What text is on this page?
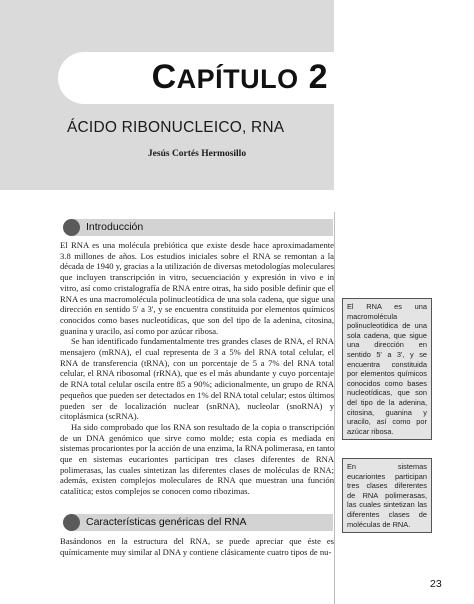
CAPÍTULO 2
ÁCIDO RIBONUCLEICO, RNA
Jesús Cortés Hermosillo
Introducción

El RNA es una molécula prebiótica que existe desde hace aproximadamente 3.8 millones de años. Los estudios iniciales sobre el RNA se remontan a la década de 1940 y, gracias a la utilización de diversas metodologías moleculares que incluyen transcripción in vitro, secuenciación y expresión in vivo e in vitro, así como cristalografía de RNA entre otras, ha sido posible definir que el RNA es una macromolécula polinucleotídica de una sola cadena, que sigue una dirección en sentido 5' a 3', y se encuentra constituida por elementos químicos conocidos como bases nucleotídicas, que son del tipo de la adenina, citosina, guanina y uracilo, así como por azúcar ribosa.

Se han identificado fundamentalmente tres grandes clases de RNA, el RNA mensajero (mRNA), el cual representa de 3 a 5% del RNA total celular, el RNA de transferencia (tRNA), con un porcentaje de 5 a 7% del RNA total celular, el RNA ribosomal (rRNA), que es el más abundante y cuyo porcentaje de RNA total celular oscila entre 85 a 90%; adicionalmente, un grupo de RNA pequeños que pueden ser detectados en 1% del RNA total celular; estos últimos pueden ser de localización nuclear (snRNA), nucleolar (snoRNA) y citoplásmica (scRNA).

Ha sido comprobado que los RNA son resultado de la copia o transcripción de un DNA genómico que sirve como molde; esta copia es mediada en sistemas procariontes por la acción de una enzima, la RNA polimerasa, en tanto que en sistemas eucariontes participan tres clases diferentes de RNA polimerasas, las cuales sintetizan las diferentes clases de moléculas de RNA; además, existen complejos moleculares de RNA que muestran una función catalítica; estos complejos se conocen como ribozimas.

El RNA es una macromolécula polinucleotídica de una sola cadena, que sigue una dirección en sentido 5' a 3', y se encuentra constituida por elementos químicos conocidos como bases nucleotídicas, que son del tipo de la adenina, citosina, guanina y uracilo, así como por azúcar ribosa.
En sistemas eucariontes participan tres clases diferentes de RNA polimerasas, las cuales sintetizan las diferentes clases de moléculas de RNA.
Características genéricas del RNA

Basándonos en la estructura del RNA, se puede apreciar que éste es químicamente muy similar al DNA y contiene clásicamente cuatro tipos de nu-

23
